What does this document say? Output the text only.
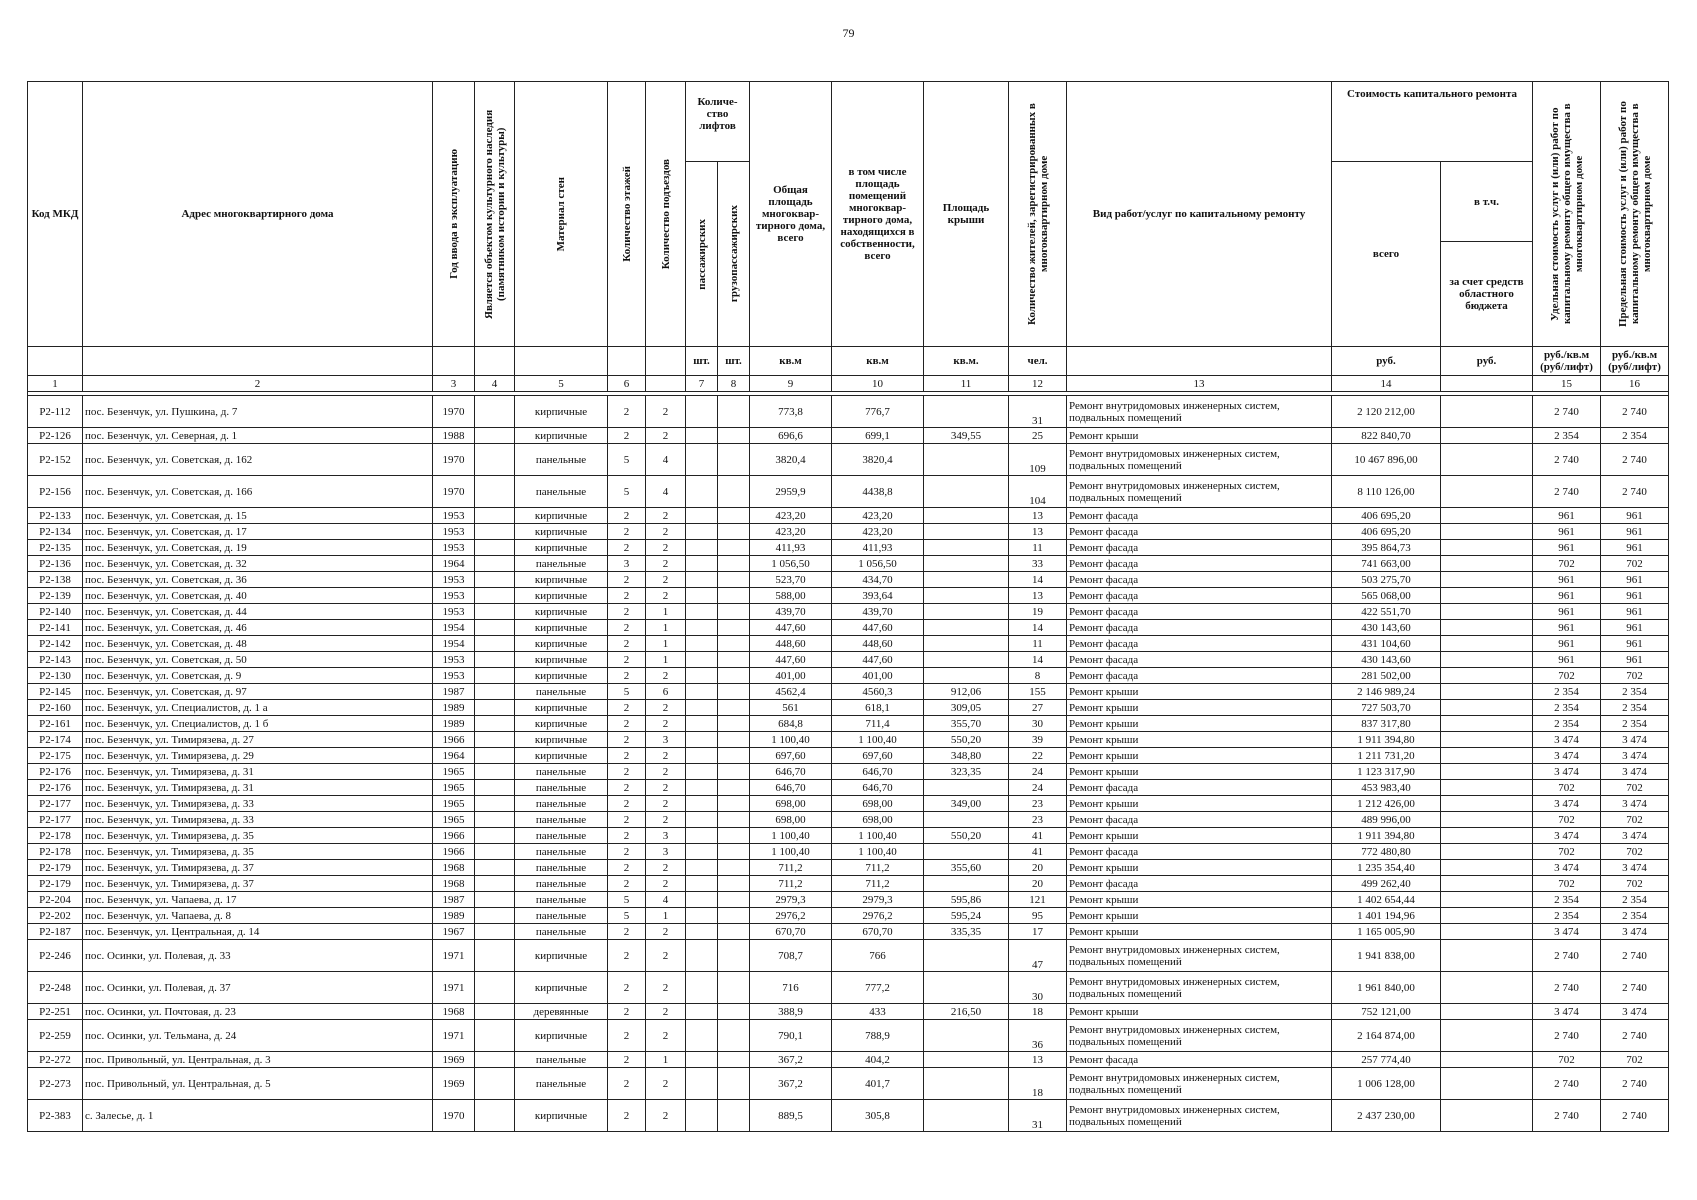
79
Код МКД	Адрес многоквартирного дома	Год ввода в эксплуатацию	Является объектом культурного наследия (памятником истории и культуры)	Материал стен	Количество этажей	Количество подъездов	Количе-ство лифтов		Общая площадь многоквар-тирного дома, всего	в том числе площадь помещений многоквар-тирного дома, находящихся в собственности, всего	Площадь крыши	Количество жителей, зарегистрированных в многоквартирном доме	Вид работ/услуг по капитальному ремонту	Стоимость капитального ремонта		Удельная стоимость услуг и (или) работ по капитальному ремонту общего имущества в многоквартирном доме	Предельная стоимость услуг и (или) работ по капитальному ремонту общего имущества в многоквартирном доме

							пассажирских	грузопассажирских						всего	в т.ч.		
															за счет средств областного бюджета		
							шт.	шт.	кв.м	кв.м	кв.м.	чел.		руб.	руб.	руб./кв.м (руб/лифт)	руб./кв.м (руб/лифт)
1	2	3	4	5	6		7	8	9	10	11	12	13	14		15	16

Р2-112	пос. Безенчук, ул. Пушкина, д. 7	1970		кирпичные	2	2			773,8	776,7		31	Ремонт внутридомовых инженерных систем, подвальных помещений	2 120 212,00		2 740	2 740
Р2-126	пос. Безенчук, ул. Северная, д. 1	1988		кирпичные	2	2			696,6	699,1	349,55	25	Ремонт крыши	822 840,70		2 354	2 354
Р2-152	пос. Безенчук, ул. Советская, д. 162	1970		панельные	5	4			3820,4	3820,4		109	Ремонт внутридомовых инженерных систем, подвальных помещений	10 467 896,00		2 740	2 740
Р2-156	пос. Безенчук, ул. Советская, д. 166	1970		панельные	5	4			2959,9	4438,8		104	Ремонт внутридомовых инженерных систем, подвальных помещений	8 110 126,00		2 740	2 740
Р2-133	пос. Безенчук, ул. Советская, д. 15	1953		кирпичные	2	2			423,20	423,20		13	Ремонт фасада	406 695,20		961	961
Р2-134	пос. Безенчук, ул. Советская, д. 17	1953		кирпичные	2	2			423,20	423,20		13	Ремонт фасада	406 695,20		961	961
Р2-135	пос. Безенчук, ул. Советская, д. 19	1953		кирпичные	2	2			411,93	411,93		11	Ремонт фасада	395 864,73		961	961
Р2-136	пос. Безенчук, ул. Советская, д. 32	1964		панельные	3	2			1 056,50	1 056,50		33	Ремонт фасада	741 663,00		702	702
Р2-138	пос. Безенчук, ул. Советская, д. 36	1953		кирпичные	2	2			523,70	434,70		14	Ремонт фасада	503 275,70		961	961
Р2-139	пос. Безенчук, ул. Советская, д. 40	1953		кирпичные	2	2			588,00	393,64		13	Ремонт фасада	565 068,00		961	961
Р2-140	пос. Безенчук, ул. Советская, д. 44	1953		кирпичные	2	1			439,70	439,70		19	Ремонт фасада	422 551,70		961	961
Р2-141	пос. Безенчук, ул. Советская, д. 46	1954		кирпичные	2	1			447,60	447,60		14	Ремонт фасада	430 143,60		961	961
Р2-142	пос. Безенчук, ул. Советская, д. 48	1954		кирпичные	2	1			448,60	448,60		11	Ремонт фасада	431 104,60		961	961
Р2-143	пос. Безенчук, ул. Советская, д. 50	1953		кирпичные	2	1			447,60	447,60		14	Ремонт фасада	430 143,60		961	961
Р2-130	пос. Безенчук, ул. Советская, д. 9	1953		кирпичные	2	2			401,00	401,00		8	Ремонт фасада	281 502,00		702	702
Р2-145	пос. Безенчук, ул. Советская, д. 97	1987		панельные	5	6			4562,4	4560,3	912,06	155	Ремонт крыши	2 146 989,24		2 354	2 354
Р2-160	пос. Безенчук, ул. Специалистов, д. 1 а	1989		кирпичные	2	2			561	618,1	309,05	27	Ремонт крыши	727 503,70		2 354	2 354
Р2-161	пос. Безенчук, ул. Специалистов, д. 1 б	1989		кирпичные	2	2			684,8	711,4	355,70	30	Ремонт крыши	837 317,80		2 354	2 354
Р2-174	пос. Безенчук, ул. Тимирязева, д. 27	1966		кирпичные	2	3			1 100,40	1 100,40	550,20	39	Ремонт крыши	1 911 394,80		3 474	3 474
Р2-175	пос. Безенчук, ул. Тимирязева, д. 29	1964		кирпичные	2	2			697,60	697,60	348,80	22	Ремонт крыши	1 211 731,20		3 474	3 474
Р2-176	пос. Безенчук, ул. Тимирязева, д. 31	1965		панельные	2	2			646,70	646,70	323,35	24	Ремонт крыши	1 123 317,90		3 474	3 474
Р2-176	пос. Безенчук, ул. Тимирязева, д. 31	1965		панельные	2	2			646,70	646,70		24	Ремонт фасада	453 983,40		702	702
Р2-177	пос. Безенчук, ул. Тимирязева, д. 33	1965		панельные	2	2			698,00	698,00	349,00	23	Ремонт крыши	1 212 426,00		3 474	3 474
Р2-177	пос. Безенчук, ул. Тимирязева, д. 33	1965		панельные	2	2			698,00	698,00		23	Ремонт фасада	489 996,00		702	702
Р2-178	пос. Безенчук, ул. Тимирязева, д. 35	1966		панельные	2	3			1 100,40	1 100,40	550,20	41	Ремонт крыши	1 911 394,80		3 474	3 474
Р2-178	пос. Безенчук, ул. Тимирязева, д. 35	1966		панельные	2	3			1 100,40	1 100,40		41	Ремонт фасада	772 480,80		702	702
Р2-179	пос. Безенчук, ул. Тимирязева, д. 37	1968		панельные	2	2			711,2	711,2	355,60	20	Ремонт крыши	1 235 354,40		3 474	3 474
Р2-179	пос. Безенчук, ул. Тимирязева, д. 37	1968		панельные	2	2			711,2	711,2		20	Ремонт фасада	499 262,40		702	702
Р2-204	пос. Безенчук, ул. Чапаева, д. 17	1987		панельные	5	4			2979,3	2979,3	595,86	121	Ремонт крыши	1 402 654,44		2 354	2 354
Р2-202	пос. Безенчук, ул. Чапаева, д. 8	1989		панельные	5	1			2976,2	2976,2	595,24	95	Ремонт крыши	1 401 194,96		2 354	2 354
Р2-187	пос. Безенчук, ул. Центральная, д. 14	1967		панельные	2	2			670,70	670,70	335,35	17	Ремонт крыши	1 165 005,90		3 474	3 474
Р2-246	пос. Осинки, ул. Полевая, д. 33	1971		кирпичные	2	2			708,7	766		47	Ремонт внутридомовых инженерных систем, подвальных помещений	1 941 838,00		2 740	2 740
Р2-248	пос. Осинки, ул. Полевая, д. 37	1971		кирпичные	2	2			716	777,2		30	Ремонт внутридомовых инженерных систем, подвальных помещений	1 961 840,00		2 740	2 740
Р2-251	пос. Осинки, ул. Почтовая, д. 23	1968		деревянные	2	2			388,9	433	216,50	18	Ремонт крыши	752 121,00		3 474	3 474
Р2-259	пос. Осинки, ул. Тельмана, д. 24	1971		кирпичные	2	2			790,1	788,9		36	Ремонт внутридомовых инженерных систем, подвальных помещений	2 164 874,00		2 740	2 740
Р2-272	пос. Привольный, ул. Центральная, д. 3	1969		панельные	2	1			367,2	404,2		13	Ремонт фасада	257 774,40		702	702
Р2-273	пос. Привольный, ул. Центральная, д. 5	1969		панельные	2	2			367,2	401,7		18	Ремонт внутридомовых инженерных систем, подвальных помещений	1 006 128,00		2 740	2 740
Р2-383	с. Залесье, д. 1	1970		кирпичные	2	2			889,5	305,8		31	Ремонт внутридомовых инженерных систем, подвальных помещений	2 437 230,00		2 740	2 740
